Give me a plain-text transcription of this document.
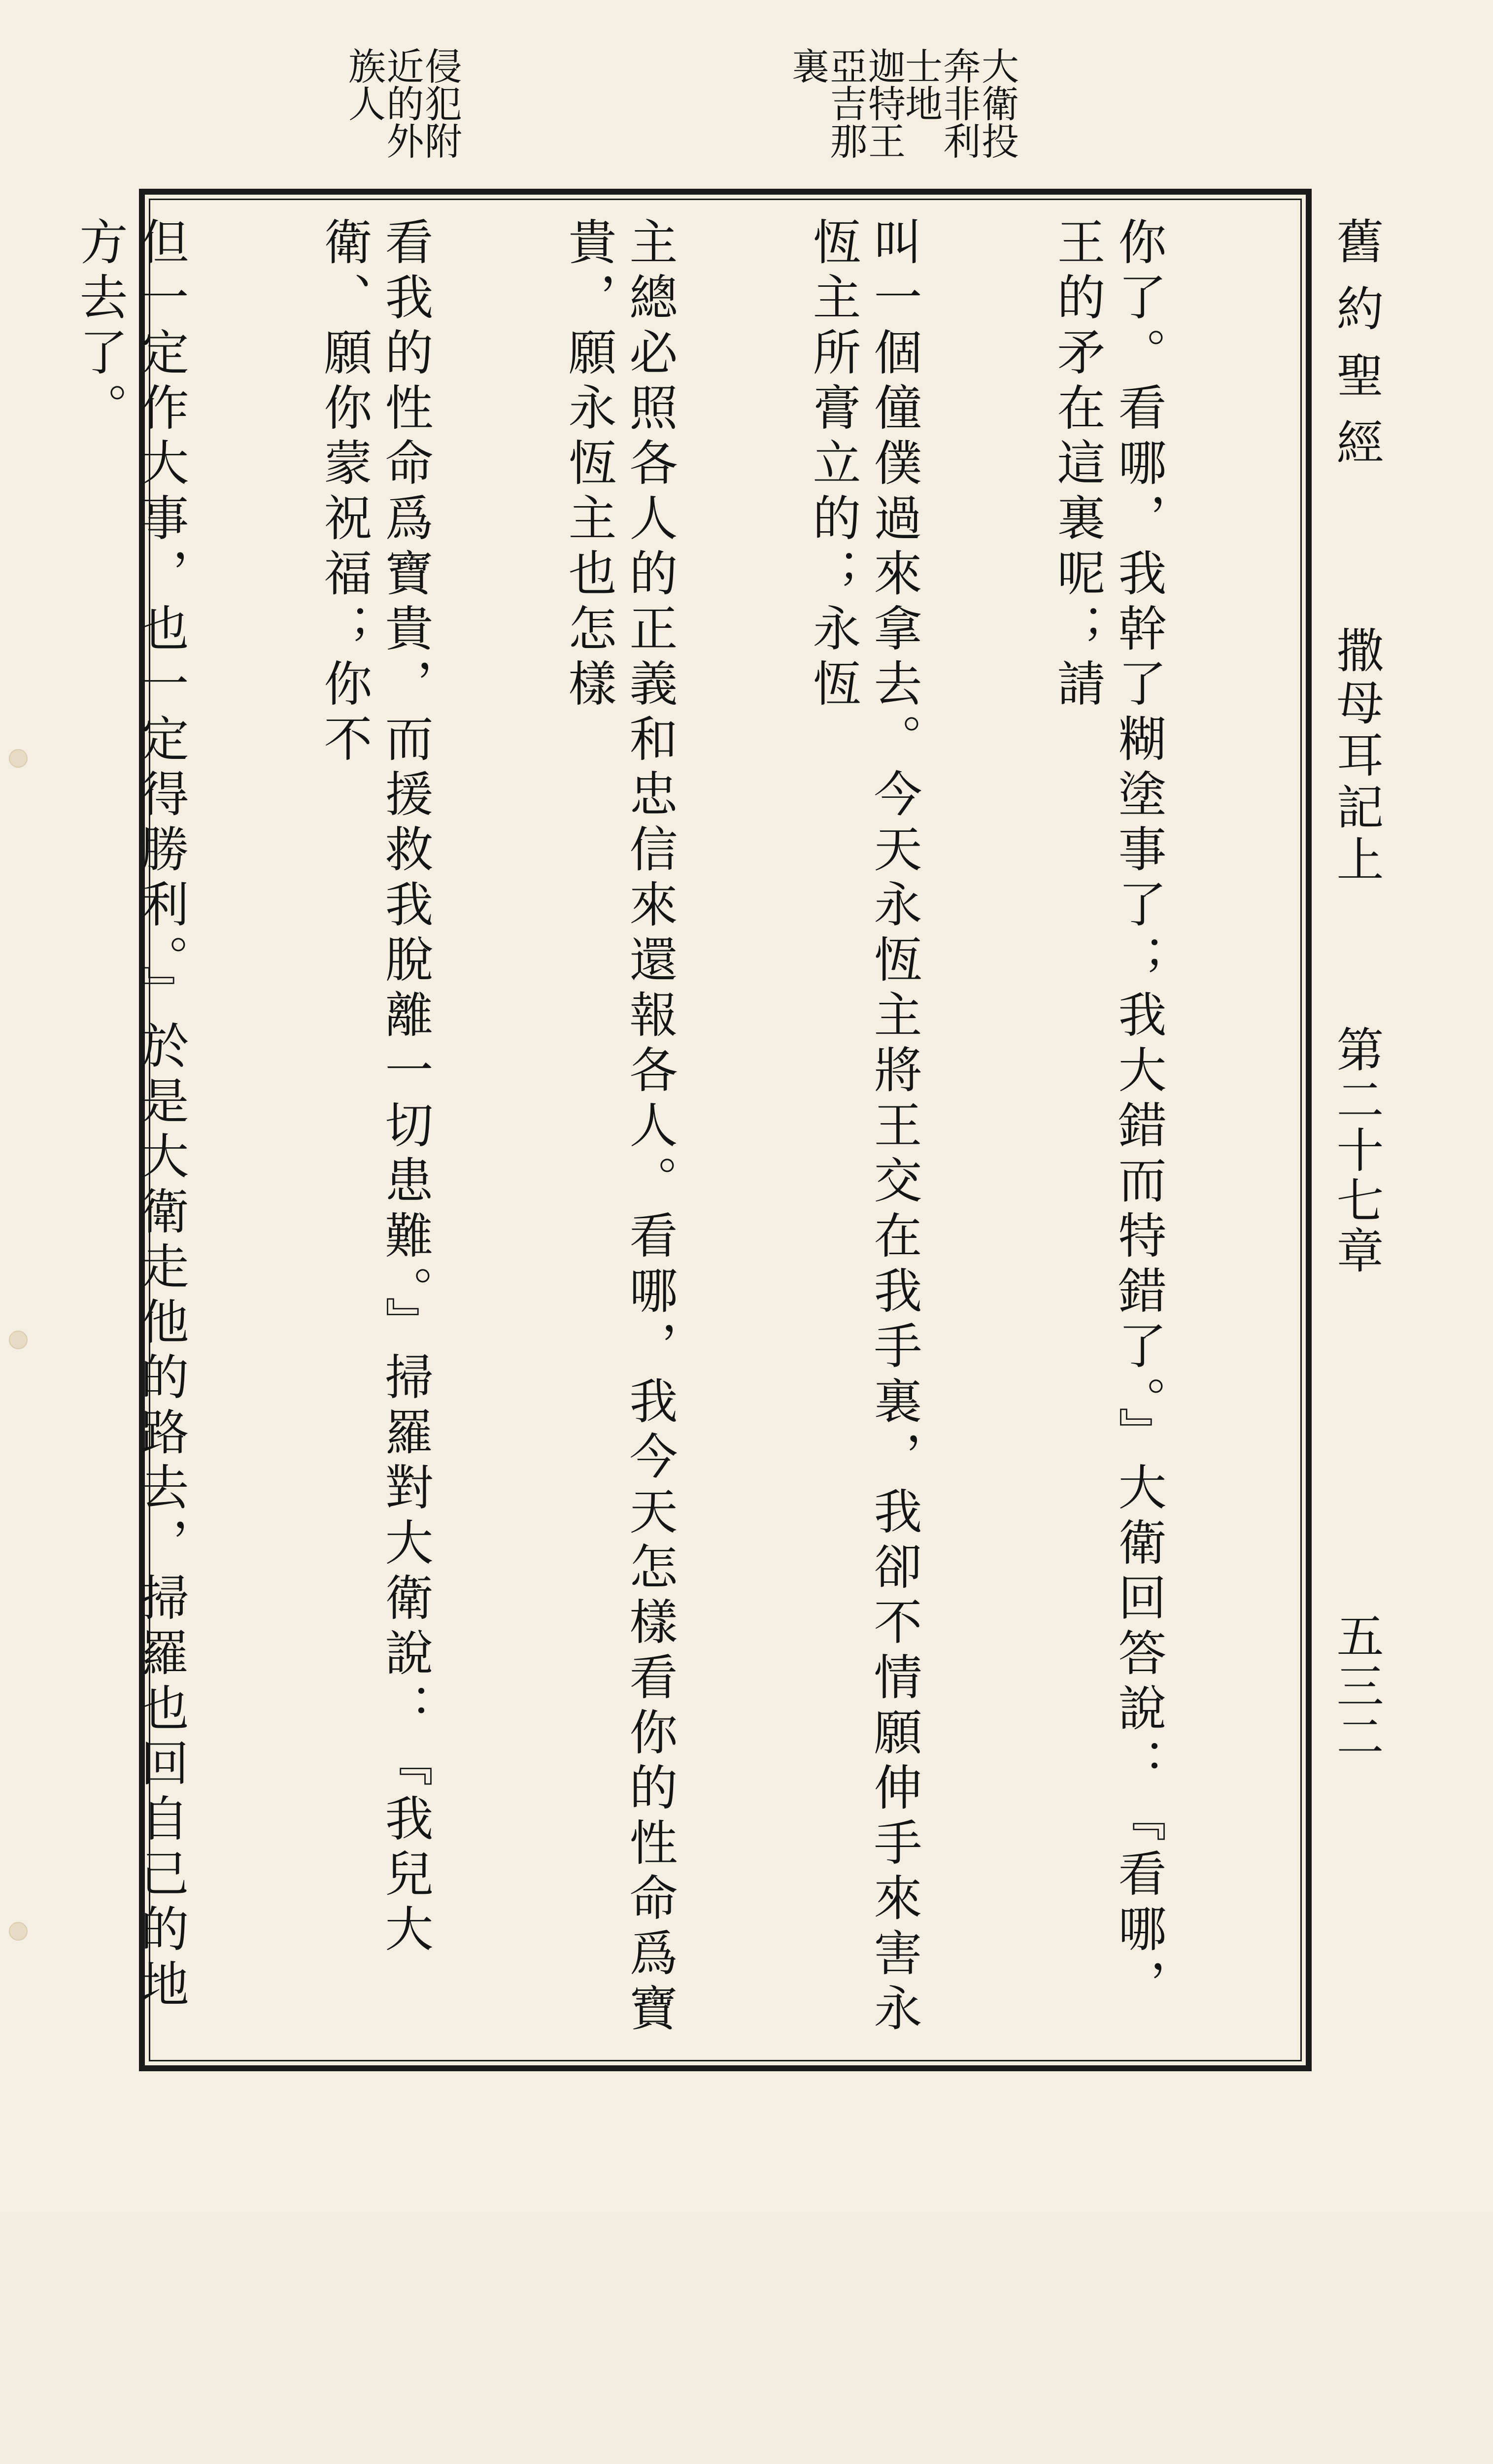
大衛投奔非利士地
迦特王亞吉那裏
侵犯附近的外族人
舊約聖經
撒母耳記上
第二十七章
五三二

你了。看哪，我幹了糊塗事了；我大錯而特錯了。』大衛回答說：『看哪，王的矛在這裏呢；請

叫一個僮僕過來拿去。今天永恆主將王交在我手裏，我卻不情願伸手來害永恆主所膏立的；永恆

主總必照各人的正義和忠信來還報各人。看哪，我今天怎樣看你的性命爲寶貴，願永恆主也怎樣

看我的性命爲寶貴，而援救我脫離一切患難。』掃羅對大衛說：『我兒大衛、願你蒙祝福；你不

但一定作大事，也一定得勝利。』於是大衛走他的路去，掃羅也回自己的地方去了。
